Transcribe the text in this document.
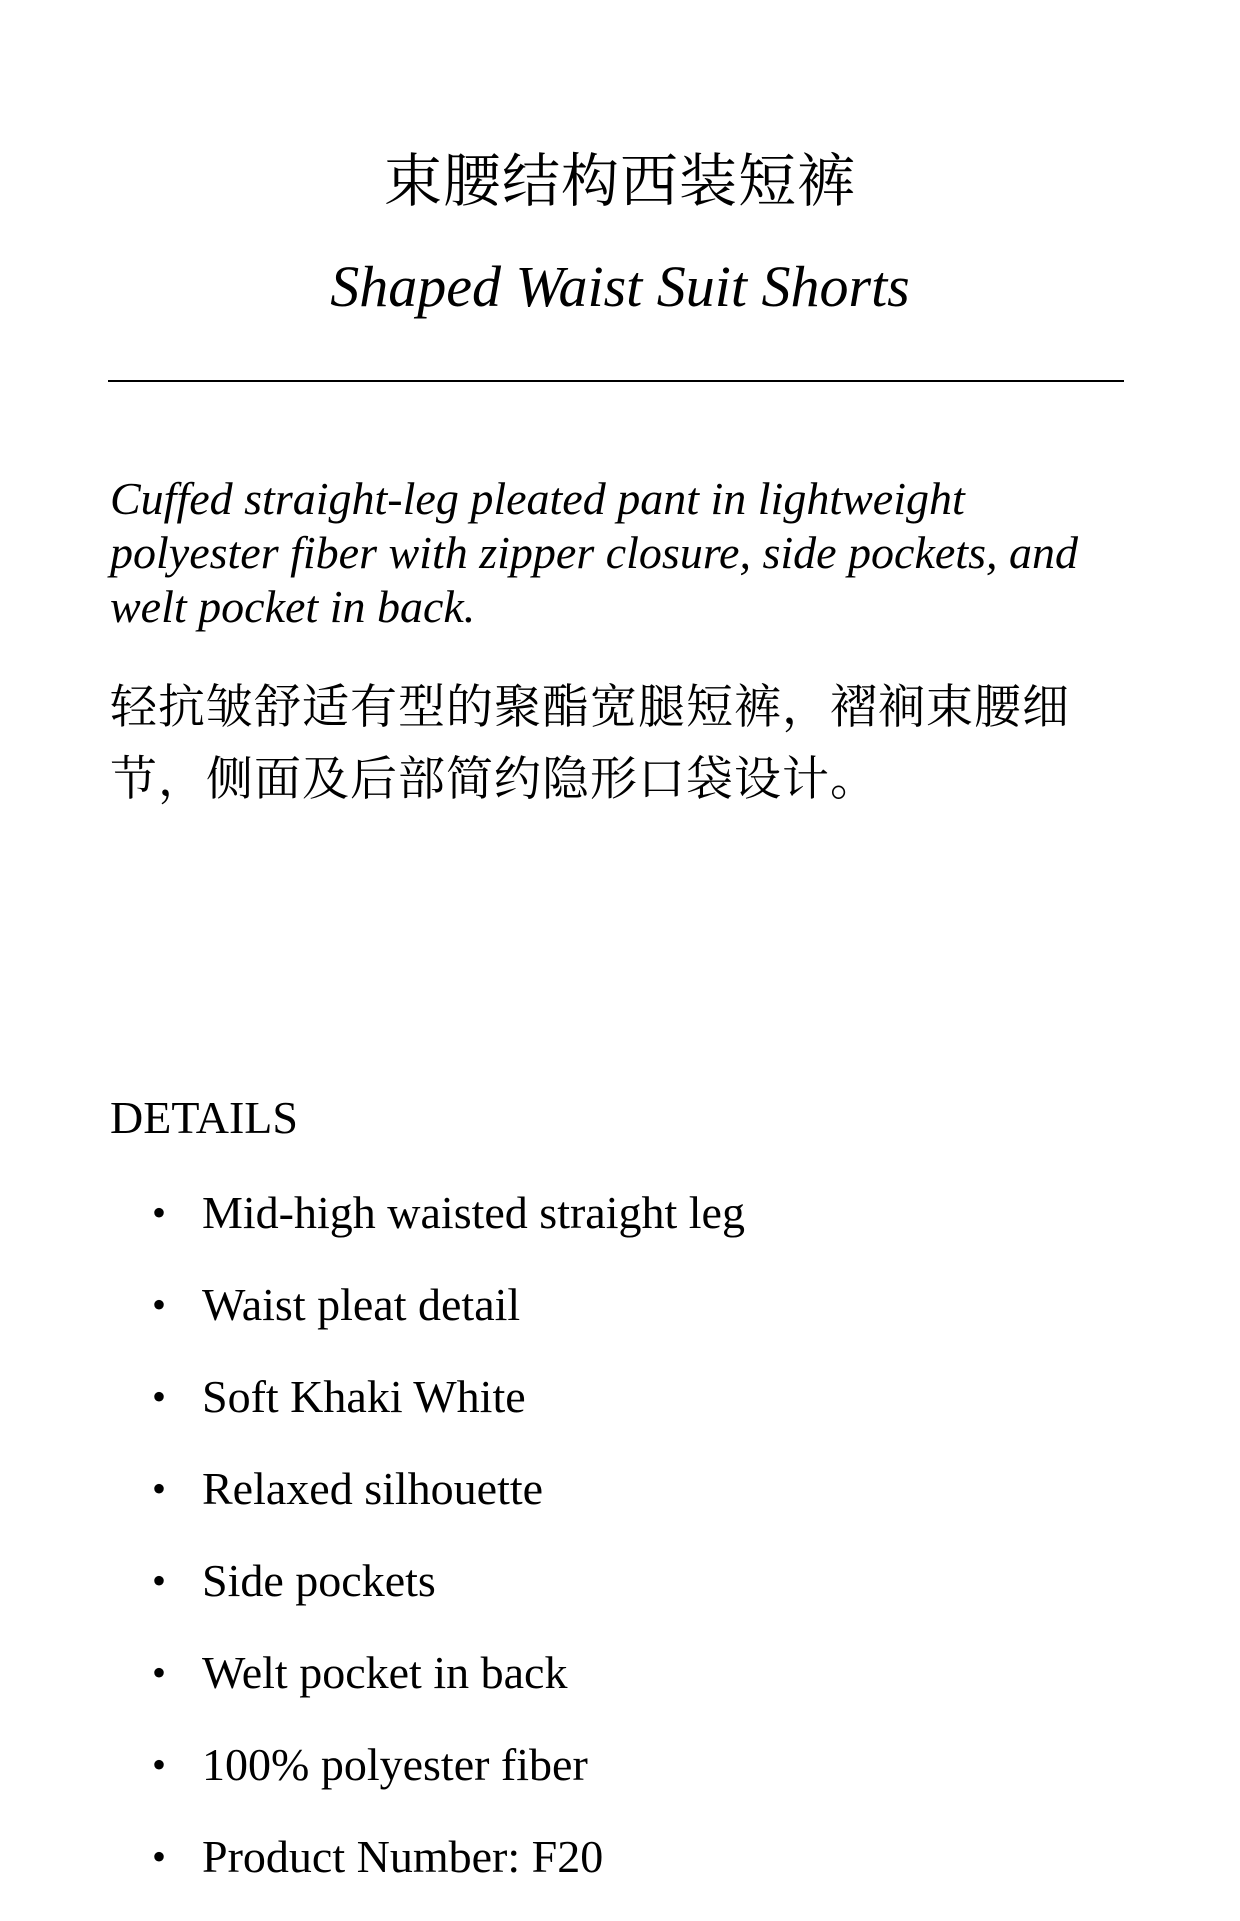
束腰结构西装短裤
Shaped Waist Suit Shorts
Cuffed straight-leg pleated pant in lightweight polyester fiber with zipper closure, side pockets, and welt pocket in back.
轻抗皱舒适有型的聚酯宽腿短裤，褶裥束腰细节，侧面及后部简约隐形口袋设计。
DETAILS
• Mid-high waisted straight leg
• Waist pleat detail
• Soft Khaki White
• Relaxed silhouette
• Side pockets
• Welt pocket in back
• 100% polyester fiber
• Product Number: F20
